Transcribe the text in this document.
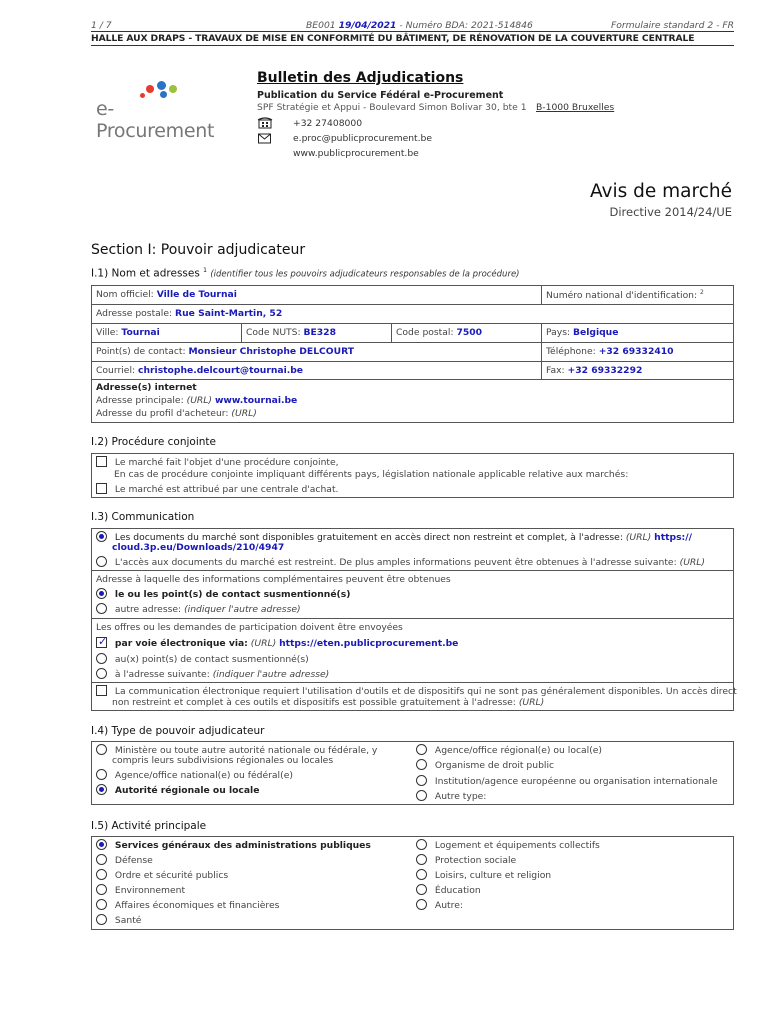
1 / 7	BE001 19/04/2021 - Numéro BDA: 2021-514846	Formulaire standard 2 - FR
HALLE AUX DRAPS - TRAVAUX DE MISE EN CONFORMITÉ DU BÂTIMENT, DE RÉNOVATION DE LA COUVERTURE CENTRALE
e-Procurement
Bulletin des Adjudications
Publication du Service Fédéral e-Procurement
SPF Stratégie et Appui - Boulevard Simon Bolivar 30, bte 1 B-1000 Bruxelles
+32 27408000
e.proc@publicprocurement.be
www.publicprocurement.be
Avis de marché
Directive 2014/24/UE
Section I: Pouvoir adjudicateur
I.1) Nom et adresses $^1$ (identifier tous les pouvoirs adjudicateurs responsables de la procédure)
Nom officiel: Ville de Tournai	Numéro national d'identification: $^2$
Adresse postale: Rue Saint-Martin, 52
Ville: Tournai	Code NUTS: BE328	Code postal: 7500	Pays: Belgique
Point(s) de contact: Monsieur Christophe DELCOURT	Téléphone: +32 69332410
Courriel: christophe.delcourt@tournai.be	Fax: +32 69332292
Adresse(s) internet
Adresse principale: (URL) www.tournai.be
Adresse du profil d'acheteur: (URL)
I.2) Procédure conjointe
Le marché fait l'objet d'une procédure conjointe,
En cas de procédure conjointe impliquant différents pays, législation nationale applicable relative aux marchés:
Le marché est attribué par une centrale d'achat.
I.3) Communication
Les documents du marché sont disponibles gratuitement en accès direct non restreint et complet, à l'adresse: (URL) https://
cloud.3p.eu/Downloads/210/4947
L'accès aux documents du marché est restreint. De plus amples informations peuvent être obtenues à l'adresse suivante: (URL)
Adresse à laquelle des informations complémentaires peuvent être obtenues
le ou les point(s) de contact susmentionné(s)
autre adresse: (indiquer l'autre adresse)
Les offres ou les demandes de participation doivent être envoyées
✓ par voie électronique via: (URL) https://eten.publicprocurement.be
au(x) point(s) de contact susmentionné(s)
à l'adresse suivante: (indiquer l'autre adresse)
La communication électronique requiert l'utilisation d'outils et de dispositifs qui ne sont pas généralement disponibles. Un accès direct
non restreint et complet à ces outils et dispositifs est possible gratuitement à l'adresse: (URL)
I.4) Type de pouvoir adjudicateur
Ministère ou toute autre autorité nationale ou fédérale, y
compris leurs subdivisions régionales ou locales
Agence/office national(e) ou fédéral(e)
Autorité régionale ou locale
Agence/office régional(e) ou local(e)
Organisme de droit public
Institution/agence européenne ou organisation internationale
Autre type:
I.5) Activité principale
Services généraux des administrations publiques
Défense
Ordre et sécurité publics
Environnement
Affaires économiques et financières
Santé
Logement et équipements collectifs
Protection sociale
Loisirs, culture et religion
Éducation
Autre:
